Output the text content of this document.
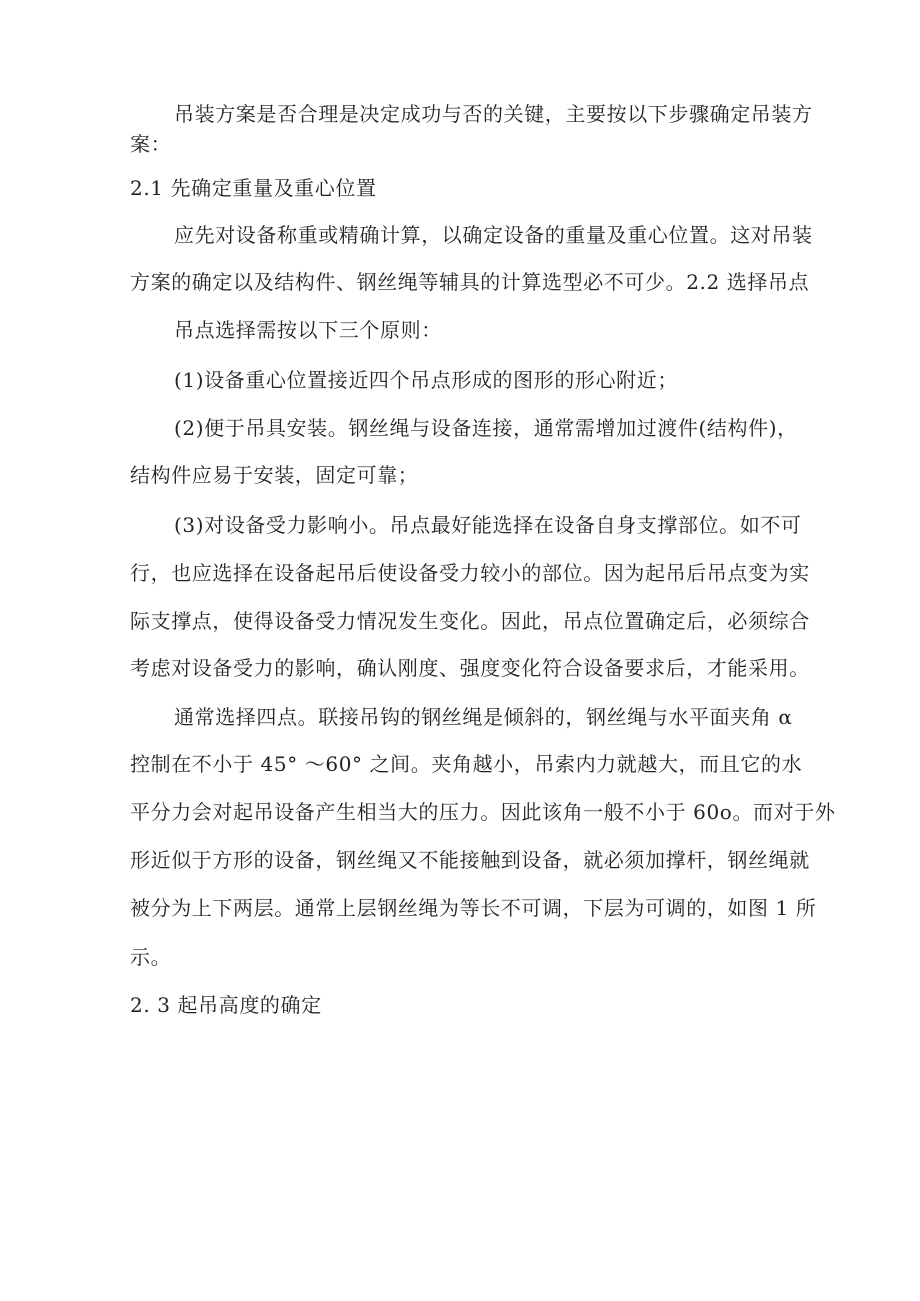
吊装方案是否合理是决定成功与否的关键，主要按以下步骤确定吊装方
案：
2.1 先确定重量及重心位置
应先对设备称重或精确计算，以确定设备的重量及重心位置。这对吊装
方案的确定以及结构件、钢丝绳等辅具的计算选型必不可少。2.2 选择吊点
吊点选择需按以下三个原则：
(1)设备重心位置接近四个吊点形成的图形的形心附近；
(2)便于吊具安装。钢丝绳与设备连接，通常需增加过渡件(结构件)，
结构件应易于安装，固定可靠；
(3)对设备受力影响小。吊点最好能选择在设备自身支撑部位。如不可
行，也应选择在设备起吊后使设备受力较小的部位。因为起吊后吊点变为实
际支撑点，使得设备受力情况发生变化。因此，吊点位置确定后，必须综合
考虑对设备受力的影响，确认刚度、强度变化符合设备要求后，才能采用。
通常选择四点。联接吊钩的钢丝绳是倾斜的，钢丝绳与水平面夹角 α
控制在不小于 45° ～60° 之间。夹角越小，吊索内力就越大，而且它的水
平分力会对起吊设备产生相当大的压力。因此该角一般不小于 60o。而对于外
形近似于方形的设备，钢丝绳又不能接触到设备，就必须加撑杆，钢丝绳就
被分为上下两层。通常上层钢丝绳为等长不可调，下层为可调的，如图 1 所
示。
2. 3 起吊高度的确定
